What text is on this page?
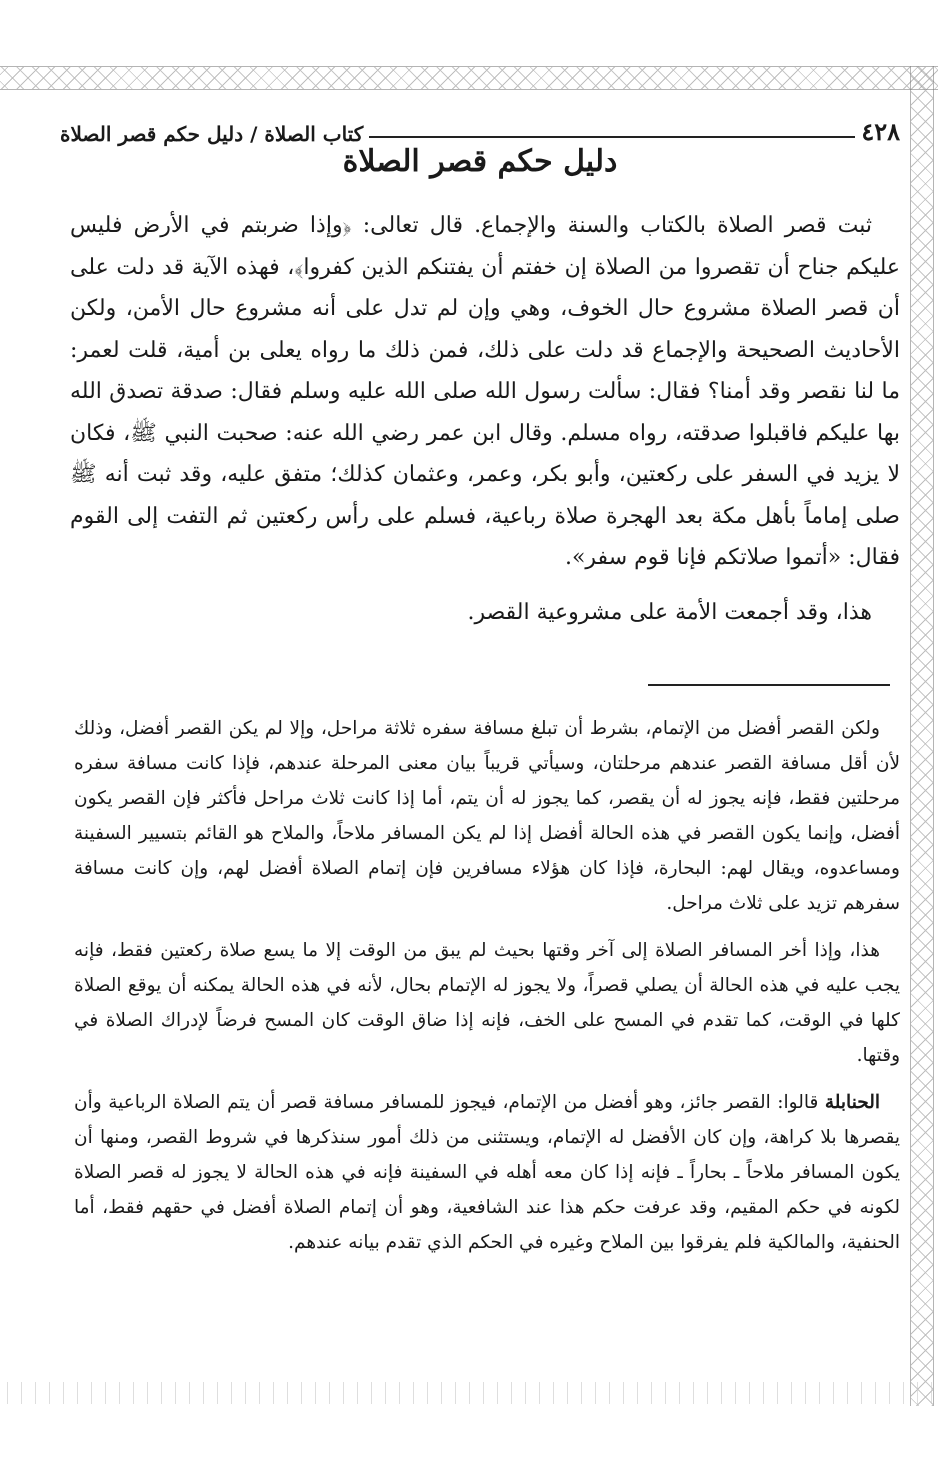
٤٢٨
كتاب الصلاة / دليل حكم قصر الصلاة
دليل حكم قصر الصلاة

ثبت قصر الصلاة بالكتاب والسنة والإجماع. قال تعالى: ﴿وإذا ضربتم في الأرض فليس عليكم جناح أن تقصروا من الصلاة إن خفتم أن يفتنكم الذين كفروا﴾، فهذه الآية قد دلت على أن قصر الصلاة مشروع حال الخوف، وهي وإن لم تدل على أنه مشروع حال الأمن، ولكن الأحاديث الصحيحة والإجماع قد دلت على ذلك، فمن ذلك ما رواه يعلى بن أمية، قلت لعمر: ما لنا نقصر وقد أمنا؟ فقال: سألت رسول الله صلى الله عليه وسلم فقال: صدقة تصدق الله بها عليكم فاقبلوا صدقته، رواه مسلم. وقال ابن عمر رضي الله عنه: صحبت النبي ﷺ، فكان لا يزيد في السفر على ركعتين، وأبو بكر، وعمر، وعثمان كذلك؛ متفق عليه، وقد ثبت أنه ﷺ صلى إماماً بأهل مكة بعد الهجرة صلاة رباعية، فسلم على رأس ركعتين ثم التفت إلى القوم فقال: «أتموا صلاتكم فإنا قوم سفر».

هذا، وقد أجمعت الأمة على مشروعية القصر.

ولكن القصر أفضل من الإتمام، بشرط أن تبلغ مسافة سفره ثلاثة مراحل، وإلا لم يكن القصر أفضل، وذلك لأن أقل مسافة القصر عندهم مرحلتان، وسيأتي قريباً بيان معنى المرحلة عندهم، فإذا كانت مسافة سفره مرحلتين فقط، فإنه يجوز له أن يقصر، كما يجوز له أن يتم، أما إذا كانت ثلاث مراحل فأكثر فإن القصر يكون أفضل، وإنما يكون القصر في هذه الحالة أفضل إذا لم يكن المسافر ملاحاً، والملاح هو القائم بتسيير السفينة ومساعدوه، ويقال لهم: البحارة، فإذا كان هؤلاء مسافرين فإن إتمام الصلاة أفضل لهم، وإن كانت مسافة سفرهم تزيد على ثلاث مراحل.

هذا، وإذا أخر المسافر الصلاة إلى آخر وقتها بحيث لم يبق من الوقت إلا ما يسع صلاة ركعتين فقط، فإنه يجب عليه في هذه الحالة أن يصلي قصراً، ولا يجوز له الإتمام بحال، لأنه في هذه الحالة يمكنه أن يوقع الصلاة كلها في الوقت، كما تقدم في المسح على الخف، فإنه إذا ضاق الوقت كان المسح فرضاً لإدراك الصلاة في وقتها.

الحنابلة قالوا: القصر جائز، وهو أفضل من الإتمام، فيجوز للمسافر مسافة قصر أن يتم الصلاة الرباعية وأن يقصرها بلا كراهة، وإن كان الأفضل له الإتمام، ويستثنى من ذلك أمور سنذكرها في شروط القصر، ومنها أن يكون المسافر ملاحاً ـ بحاراً ـ فإنه إذا كان معه أهله في السفينة فإنه في هذه الحالة لا يجوز له قصر الصلاة لكونه في حكم المقيم، وقد عرفت حكم هذا عند الشافعية، وهو أن إتمام الصلاة أفضل في حقهم فقط، أما الحنفية، والمالكية فلم يفرقوا بين الملاح وغيره في الحكم الذي تقدم بيانه عندهم.
